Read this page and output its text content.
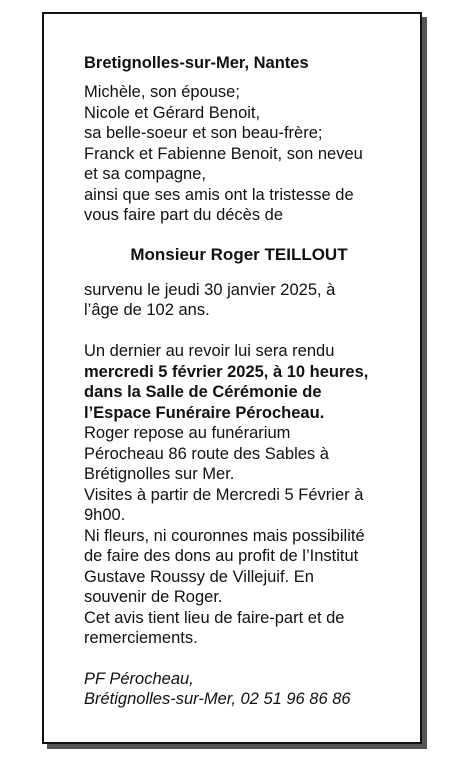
Bretignolles-sur-Mer, Nantes
Michèle, son épouse;
Nicole et Gérard Benoit,
sa belle-soeur et son beau-frère;
Franck et Fabienne Benoit, son neveu
et sa compagne,
ainsi que ses amis ont la tristesse de
vous faire part du décès de
Monsieur Roger TEILLOUT
survenu le jeudi 30 janvier 2025, à
l’âge de 102 ans.
Un dernier au revoir lui sera rendu
mercredi 5 février 2025, à 10 heures,
dans la Salle de Cérémonie de
l’Espace Funéraire Pérocheau.
Roger repose au funérarium
Pérocheau 86 route des Sables à
Brétignolles sur Mer.
Visites à partir de Mercredi 5 Février à
9h00.
Ni fleurs, ni couronnes mais possibilité
de faire des dons au profit de l’Institut
Gustave Roussy de Villejuif. En
souvenir de Roger.
Cet avis tient lieu de faire-part et de
remerciements.
PF Pérocheau,
Brétignolles-sur-Mer, 02 51 96 86 86
